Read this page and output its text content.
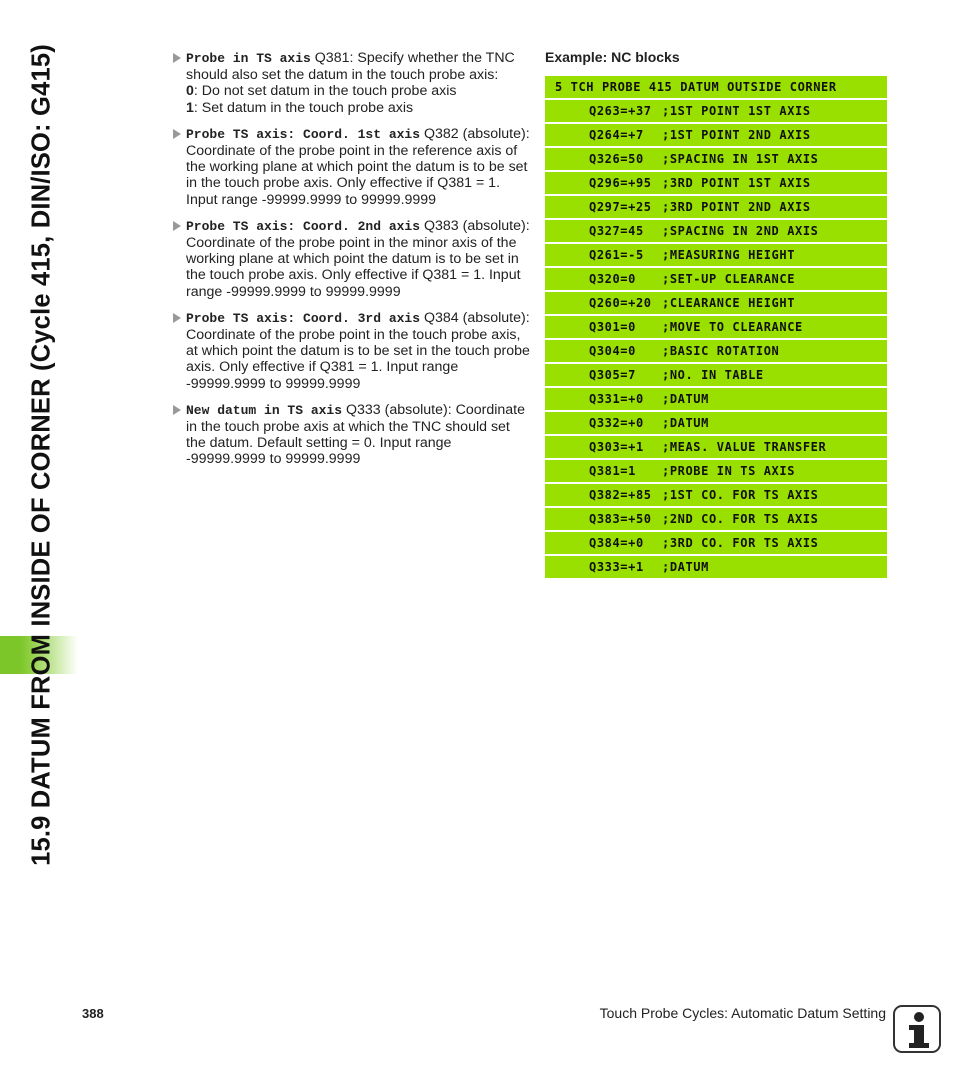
15.9 DATUM FROM INSIDE OF CORNER (Cycle 415, DIN/ISO: G415)	Probe in TS axis Q381: Specify whether the TNC should also set the datum in the touch probe axis:
0: Do not set datum in the touch probe axis
1: Set datum in the touch probe axis
Probe TS axis: Coord. 1st axis Q382 (absolute): Coordinate of the probe point in the reference axis of the working plane at which point the datum is to be set in the touch probe axis. Only effective if Q381 = 1. Input range -99999.9999 to 99999.9999
Probe TS axis: Coord. 2nd axis Q383 (absolute): Coordinate of the probe point in the minor axis of the working plane at which point the datum is to be set in the touch probe axis. Only effective if Q381 = 1. Input range -99999.9999 to 99999.9999
Probe TS axis: Coord. 3rd axis Q384 (absolute): Coordinate of the probe point in the touch probe axis, at which point the datum is to be set in the touch probe axis. Only effective if Q381 = 1. Input range -99999.9999 to 99999.9999
New datum in TS axis Q333 (absolute): Coordinate in the touch probe axis at which the TNC should set the datum. Default setting = 0. Input range -99999.9999 to 99999.9999
Example: NC blocks
5 TCH PROBE 415 DATUM OUTSIDE CORNER
Q263=+37 ;1ST POINT 1ST AXIS
Q264=+7 ;1ST POINT 2ND AXIS
Q326=50 ;SPACING IN 1ST AXIS
Q296=+95 ;3RD POINT 1ST AXIS
Q297=+25 ;3RD POINT 2ND AXIS
Q327=45 ;SPACING IN 2ND AXIS
Q261=-5 ;MEASURING HEIGHT
Q320=0 ;SET-UP CLEARANCE
Q260=+20 ;CLEARANCE HEIGHT
Q301=0 ;MOVE TO CLEARANCE
Q304=0 ;BASIC ROTATION
Q305=7 ;NO. IN TABLE
Q331=+0 ;DATUM
Q332=+0 ;DATUM
Q303=+1 ;MEAS. VALUE TRANSFER
Q381=1 ;PROBE IN TS AXIS
Q382=+85 ;1ST CO. FOR TS AXIS
Q383=+50 ;2ND CO. FOR TS AXIS
Q384=+0 ;3RD CO. FOR TS AXIS
Q333=+1 ;DATUM
388	Touch Probe Cycles: Automatic Datum Setting
